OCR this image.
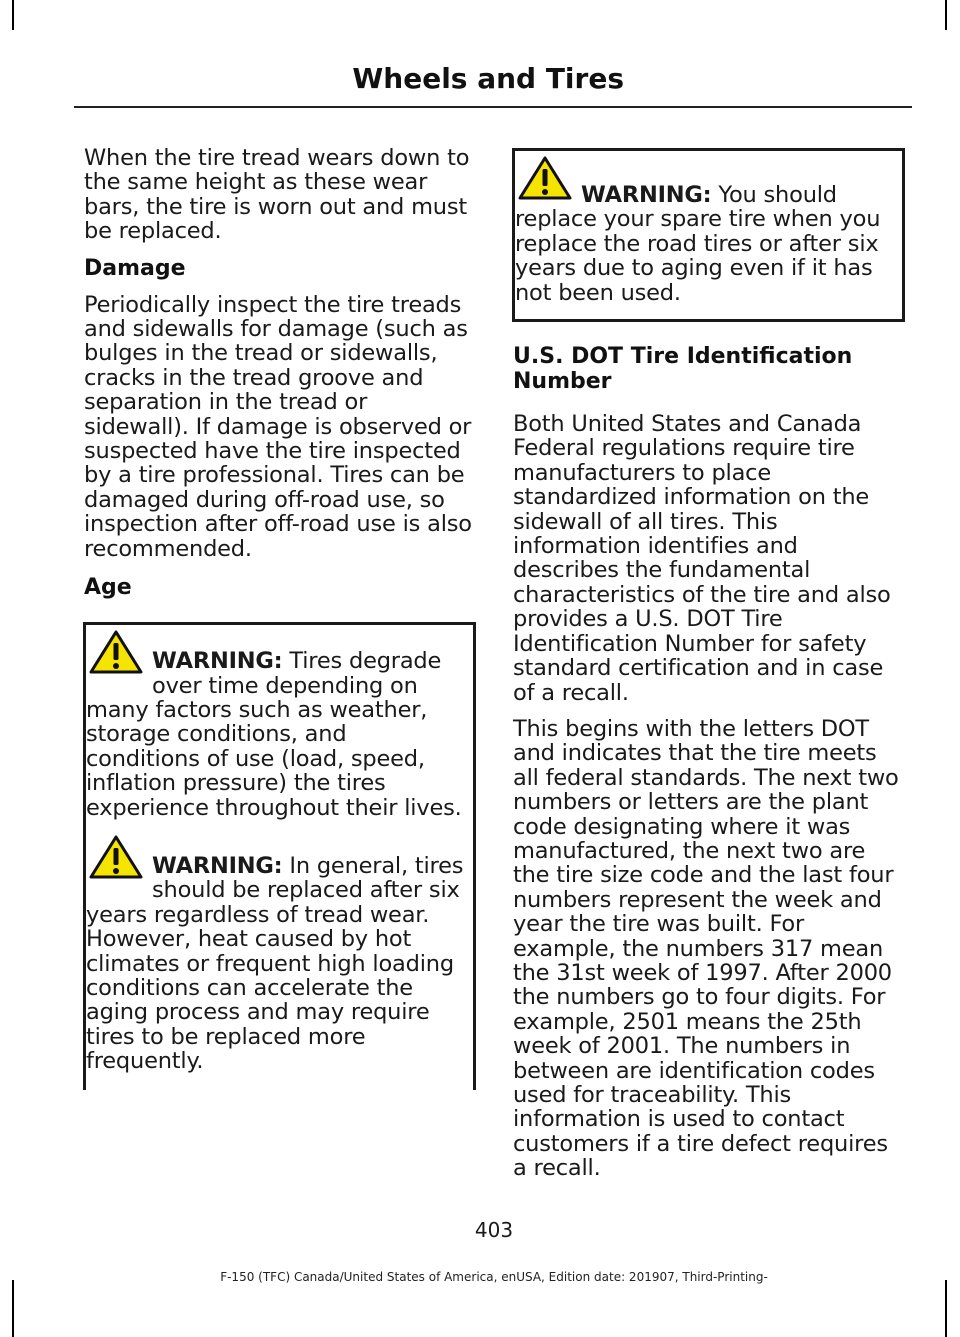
Wheels and Tires

When the tire tread wears down to the same height as these wear bars, the tire is worn out and must be replaced.

Damage

Periodically inspect the tire treads and sidewalls for damage (such as bulges in the tread or sidewalls, cracks in the tread groove and separation in the tread or sidewall). If damage is observed or suspected have the tire inspected by a tire professional. Tires can be damaged during off-road use, so inspection after off-road use is also recommended.

Age

WARNING: Tires degrade over time depending on many factors such as weather, storage conditions, and conditions of use (load, speed, inflation pressure) the tires experience throughout their lives.

WARNING: In general, tires should be replaced after six years regardless of tread wear. However, heat caused by hot climates or frequent high loading conditions can accelerate the aging process and may require tires to be replaced more frequently.

WARNING: You should replace your spare tire when you replace the road tires or after six years due to aging even if it has not been used.

U.S. DOT Tire Identification Number

Both United States and Canada Federal regulations require tire manufacturers to place standardized information on the sidewall of all tires. This information identifies and describes the fundamental characteristics of the tire and also provides a U.S. DOT Tire Identification Number for safety standard certification and in case of a recall.

This begins with the letters DOT and indicates that the tire meets all federal standards. The next two numbers or letters are the plant code designating where it was manufactured, the next two are the tire size code and the last four numbers represent the week and year the tire was built. For example, the numbers 317 mean the 31st week of 1997. After 2000 the numbers go to four digits. For example, 2501 means the 25th week of 2001. The numbers in between are identification codes used for traceability. This information is used to contact customers if a tire defect requires a recall.

403
F-150 (TFC) Canada/United States of America, enUSA, Edition date: 201907, Third-Printing-
